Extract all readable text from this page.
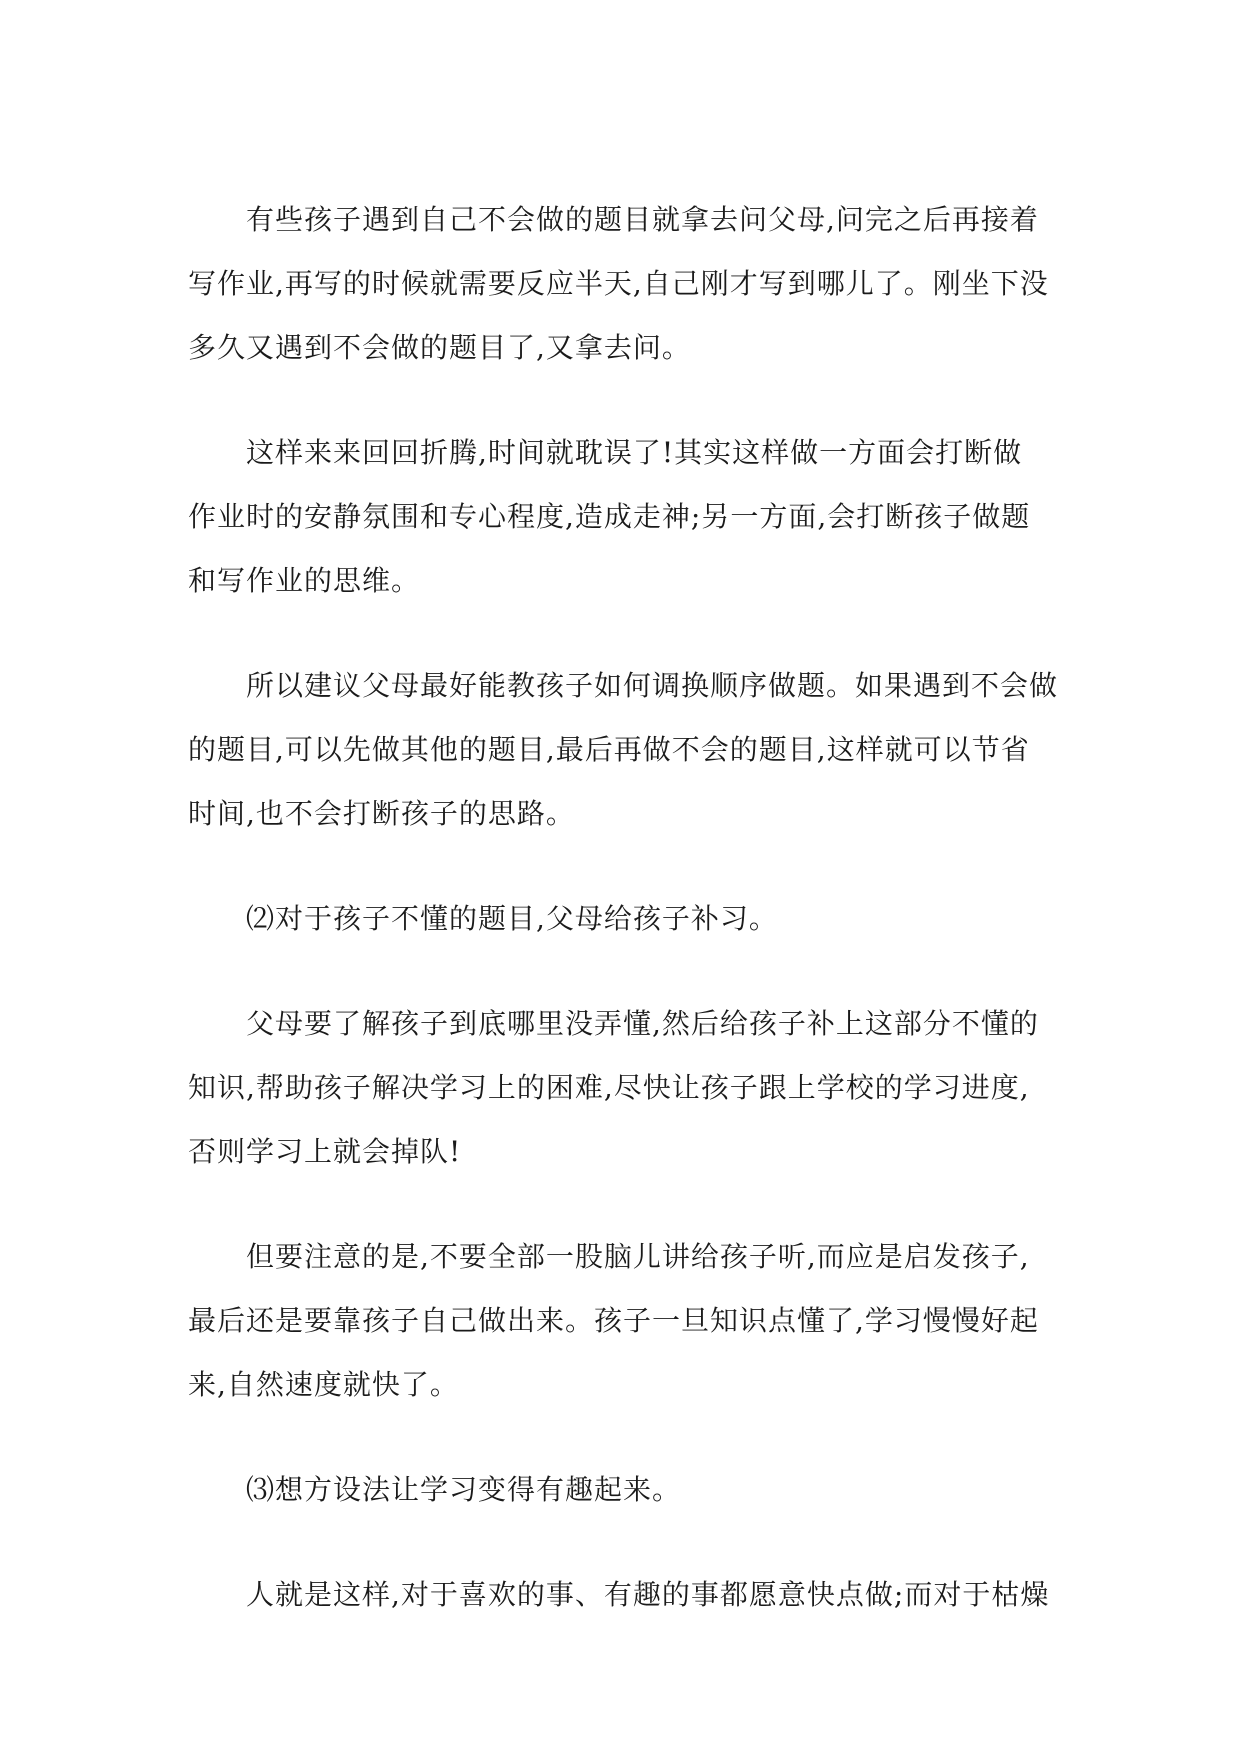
有些孩子遇到自己不会做的题目就拿去问父母,问完之后再接着
写作业,再写的时候就需要反应半天,自己刚才写到哪儿了。刚坐下没
多久又遇到不会做的题目了,又拿去问。
这样来来回回折腾,时间就耽误了!其实这样做一方面会打断做
作业时的安静氛围和专心程度,造成走神;另一方面,会打断孩子做题
和写作业的思维。
所以建议父母最好能教孩子如何调换顺序做题。如果遇到不会做
的题目,可以先做其他的题目,最后再做不会的题目,这样就可以节省
时间,也不会打断孩子的思路。
⑵对于孩子不懂的题目,父母给孩子补习。
父母要了解孩子到底哪里没弄懂,然后给孩子补上这部分不懂的
知识,帮助孩子解决学习上的困难,尽快让孩子跟上学校的学习进度,
否则学习上就会掉队!
但要注意的是,不要全部一股脑儿讲给孩子听,而应是启发孩子,
最后还是要靠孩子自己做出来。孩子一旦知识点懂了,学习慢慢好起
来,自然速度就快了。
⑶想方设法让学习变得有趣起来。
人就是这样,对于喜欢的事、有趣的事都愿意快点做;而对于枯燥
